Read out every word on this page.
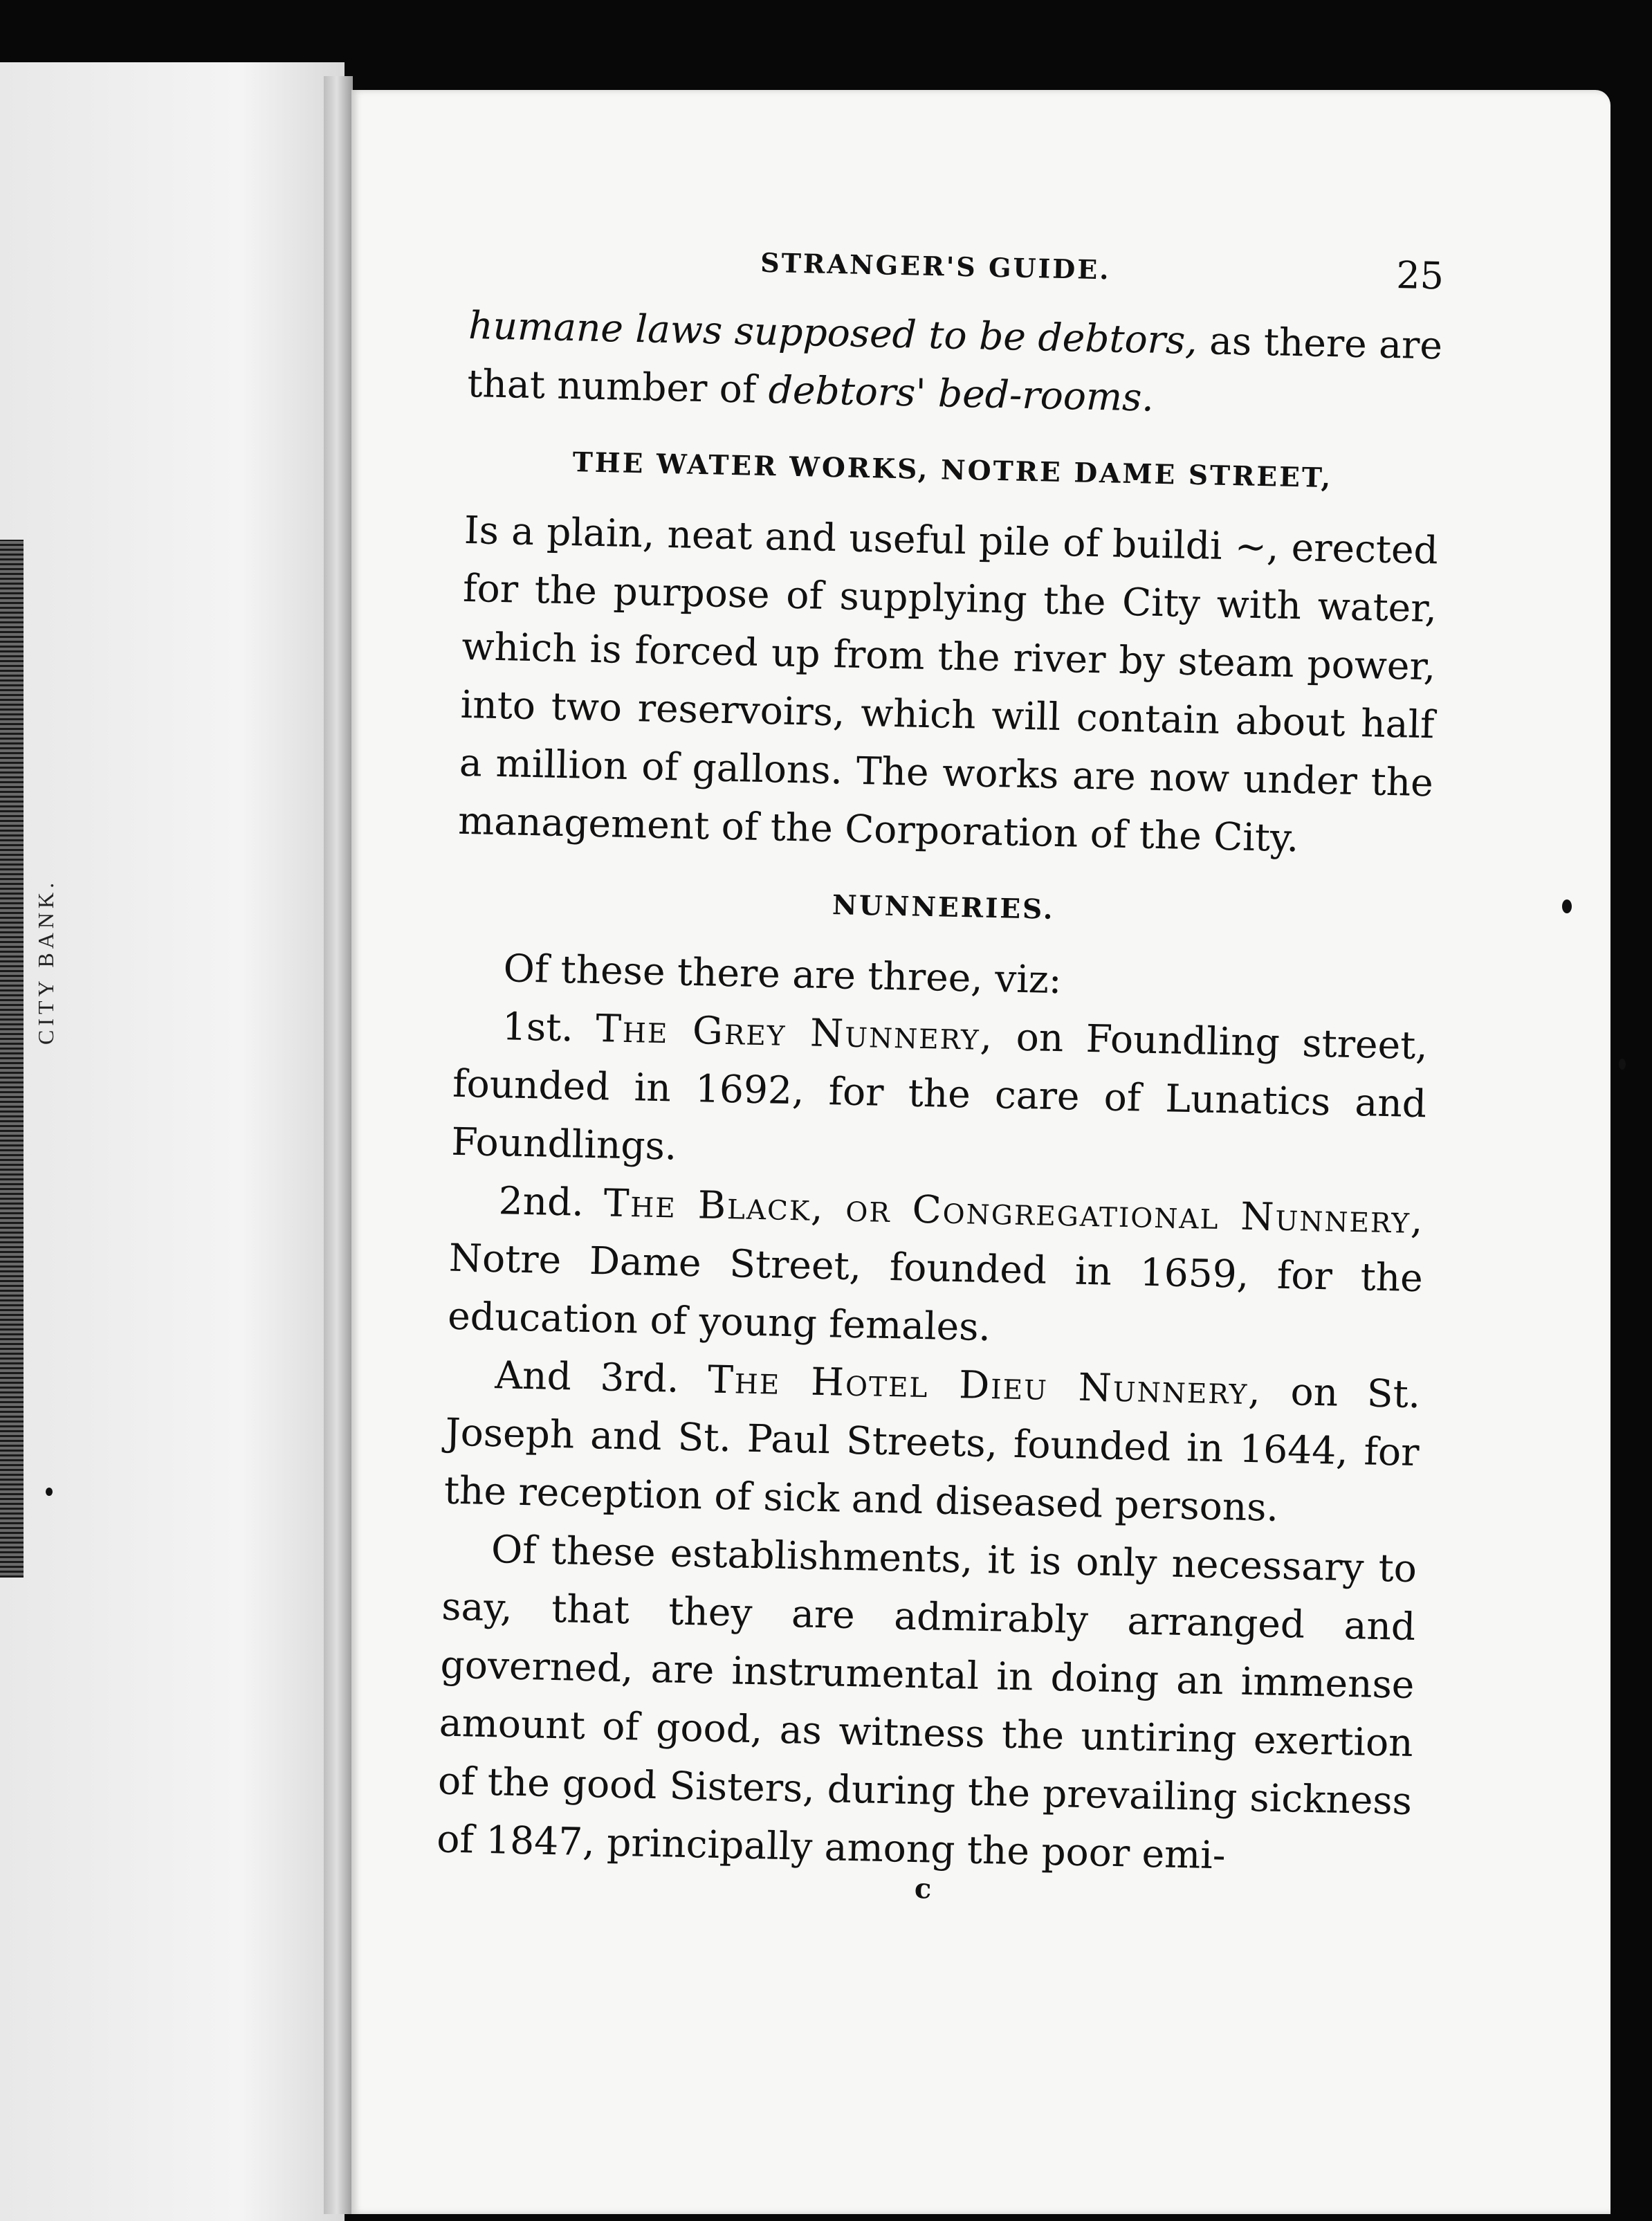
CITY BANK.
STRANGER'S GUIDE.	25

humane laws supposed to be debtors, as there are that number of debtors' bed-rooms.

THE WATER WORKS, NOTRE DAME STREET,

Is a plain, neat and useful pile of buildi ~, erected for the purpose of supplying the City with water, which is forced up from the river by steam power, into two reservoirs, which will contain about half a million of gallons. The works are now under the management of the Corporation of the City.

NUNNERIES.

Of these there are three, viz:

1st. The Grey Nunnery, on Foundling street, founded in 1692, for the care of Lunatics and Foundlings.

2nd. The Black, or Congregational Nunnery, Notre Dame Street, founded in 1659, for the education of young females.

And 3rd. The Hotel Dieu Nunnery, on St. Joseph and St. Paul Streets, founded in 1644, for the reception of sick and diseased persons.

Of these establishments, it is only necessary to say, that they are admirably arranged and governed, are instrumental in doing an immense amount of good, as witness the untiring exertion of the good Sisters, during the prevailing sickness of 1847, principally among the poor emi-

c
